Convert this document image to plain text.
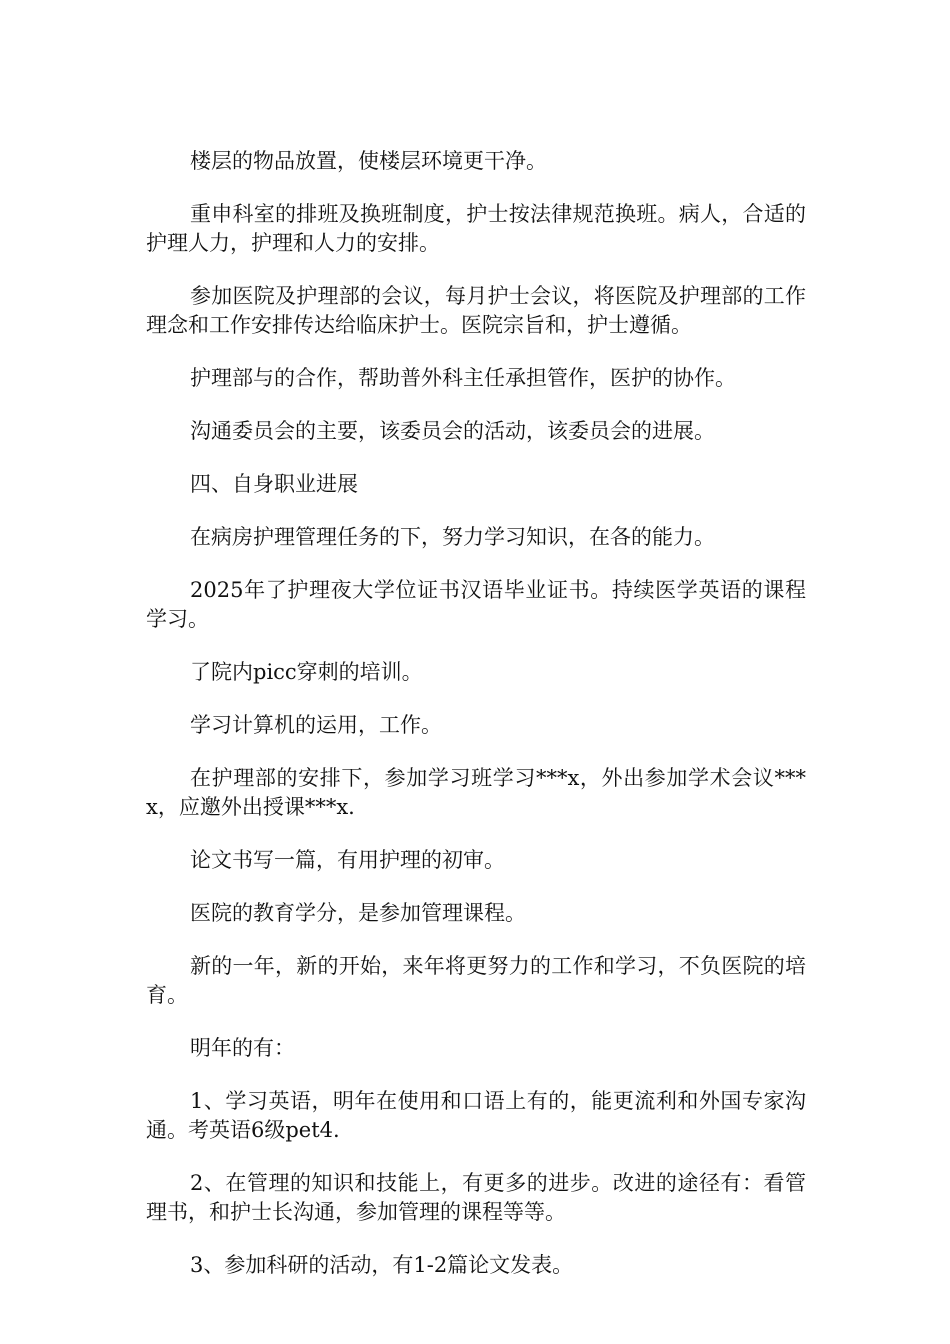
楼层的物品放置，使楼层环境更干净。

重申科室的排班及换班制度，护士按法律规范换班。病人，合适的护理人力，护理和人力的安排。

参加医院及护理部的会议，每月护士会议，将医院及护理部的工作理念和工作安排传达给临床护士。医院宗旨和，护士遵循。

护理部与的合作，帮助普外科主任承担管作，医护的协作。

沟通委员会的主要，该委员会的活动，该委员会的进展。

四、自身职业进展

在病房护理管理任务的下，努力学习知识，在各的能力。

2025年了护理夜大学位证书汉语毕业证书。持续医学英语的课程学习。

了院内picc穿刺的培训。

学习计算机的运用，工作。

在护理部的安排下，参加学习班学习***x，外出参加学术会议***x，应邀外出授课***x.

论文书写一篇，有用护理的初审。

医院的教育学分，是参加管理课程。

新的一年，新的开始，来年将更努力的工作和学习，不负医院的培育。

明年的有：

1、学习英语，明年在使用和口语上有的，能更流利和外国专家沟通。考英语6级pet4.

2、在管理的知识和技能上，有更多的进步。改进的途径有：看管理书，和护士长沟通，参加管理的课程等等。

3、参加科研的活动，有1-2篇论文发表。
